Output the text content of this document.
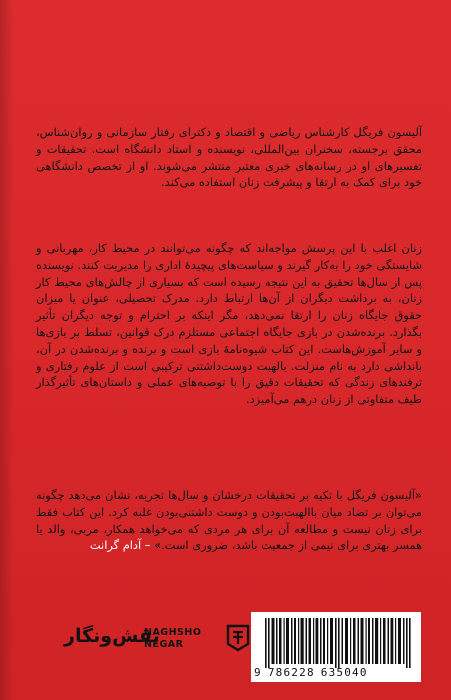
آلیسون فریگل کارشناس ریاضی و اقتصاد و دکترای رفتار سازمانی و روان‌شناس، محقق برجسته، سخنران بین‌المللی، نویسنده و استاد دانشگاه است. تحقیقات و تفسیرهای او در رسانه‌های خبری معتبر منتشر می‌شوند. او از تخصص دانشگاهی خود برای کمک به ارتقا و پیشرفت زنان استفاده می‌کند.

زنان اغلب با این پرسش مواجه‌اند که چگونه می‌توانند در محیط کار، مهربانی و شایستگی خود را به‌کار گیرند و سیاست‌های پیچیدهٔ اداری را مدیریت کنند. نویسنده پس از سال‌ها تحقیق به این نتیجه رسیده است که بسیاری از چالش‌های محیط کار زنان، به برداشت دیگران از آن‌ها ارتباط دارد. مدرک تحصیلی، عنوان یا میزان حقوق جایگاه زنان را ارتقا نمی‌دهد، مگر اینکه بر احترام و توجه دیگران تأثیر بگذارد. برنده‌شدن در بازی جایگاه اجتماعی مستلزم درک قوانین، تسلط بر بازی‌ها و سایر آموزش‌هاست. این کتاب شیوه‌نامهٔ بازی است و برنده و برنده‌شدن در آن، بانداشی دارد به نام منزلت. بالهبت دوست‌داشتنی ترکیبی است از علوم رفتاری و ترفندهای زندگی که تحقیقات دقیق را با توصیه‌های عملی و داستان‌های تأثیرگذار طیف متفاوتی از زنان درهم می‌آمیزد.

«آلیسون فریگل با تکیه بر تحقیقات درخشان و سال‌ها تجربه، نشان می‌دهد چگونه می‌توان بر تضاد میان باالهبت‌بودن و دوست داشتنی‌بودن غلبه کرد. این کتاب فقط برای زنان نیست و مطالعه آن برای هر مردی که می‌خواهد همکار، مربی، والد یا همسر بهتری برای نیمی از جمعیت باشد، ضروری است.» – آدام گرانت

نقش‌ونگار
NAGHSHO
NEGAR
9 786228 635040
